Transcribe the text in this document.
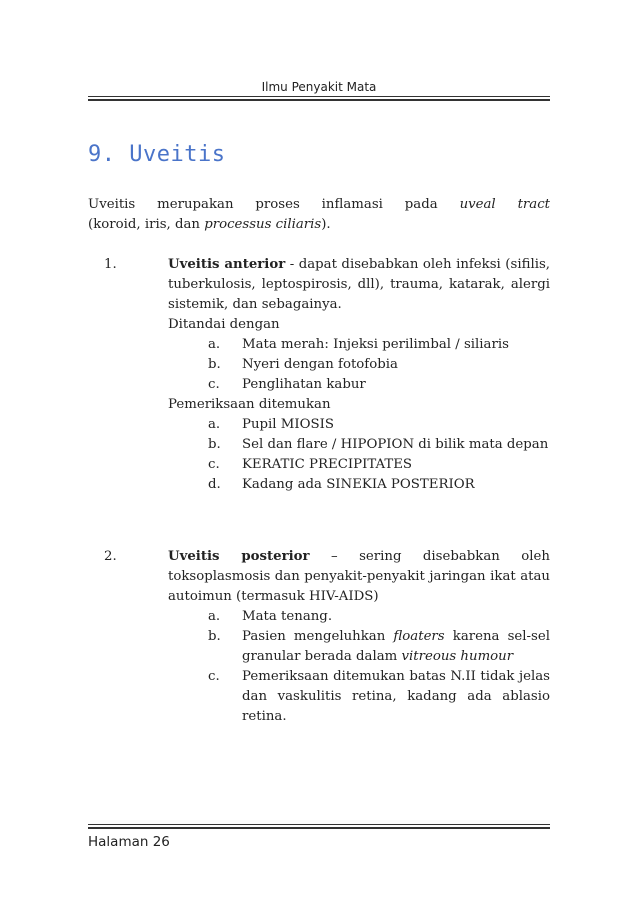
Ilmu Penyakit Mata
9. Uveitis
Uveitis merupakan proses inflamasi pada uveal tract
(koroid, iris, dan processus ciliaris).
1.	Uveitis anterior - dapat disebabkan oleh infeksi (sifilis, tuberkulosis, leptospirosis, dll), trauma, katarak, alergi sistemik, dan sebagainya.
Ditandai dengan
a. Mata merah: Injeksi perilimbal / siliaris
b. Nyeri dengan fotofobia
c. Penglihatan kabur
Pemeriksaan ditemukan
a. Pupil MIOSIS
b. Sel dan flare / HIPOPION di bilik mata depan
c. KERATIC PRECIPITATES
d. Kadang ada SINEKIA POSTERIOR
2.	Uveitis posterior – sering disebabkan oleh toksoplasmosis dan penyakit-penyakit jaringan ikat atau autoimun (termasuk HIV-AIDS)
a. Mata tenang.
b. Pasien mengeluhkan floaters karena sel-sel granular berada dalam vitreous humour
c. Pemeriksaan ditemukan batas N.II tidak jelas dan vaskulitis retina, kadang ada ablasio retina.
Halaman 26
